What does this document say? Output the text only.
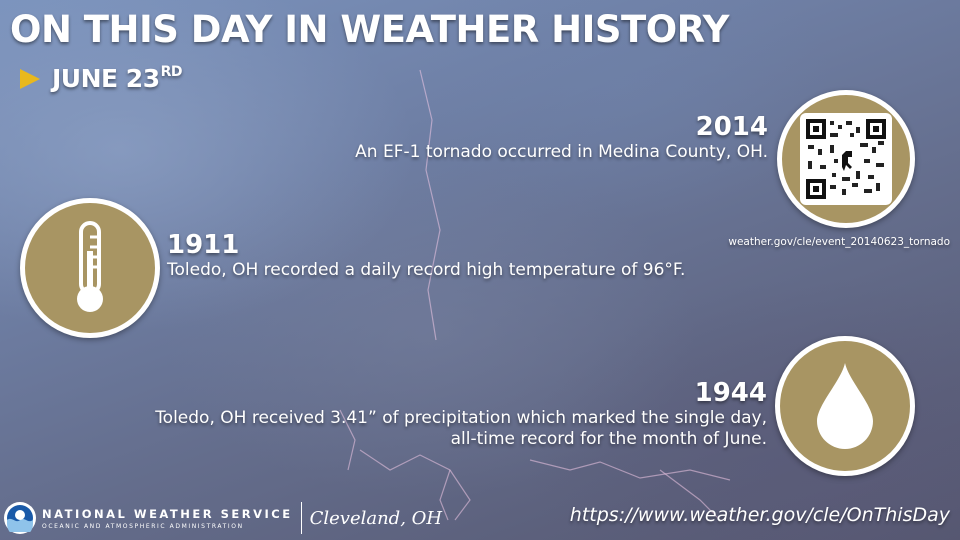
ON THIS DAY IN WEATHER HISTORY
JUNE 23RD
2014
An EF-1 tornado occurred in Medina County, OH.
weather.gov/cle/event_20140623_tornado
1911
Toledo, OH recorded a daily record high temperature of 96°F.
1944
Toledo, OH received 3.41” of precipitation which marked the single day,
all-time record for the month of June.
NATIONAL WEATHER SERVICE
OCEANIC AND ATMOSPHERIC ADMINISTRATION	Cleveland, OH	https://www.weather.gov/cle/OnThisDay
